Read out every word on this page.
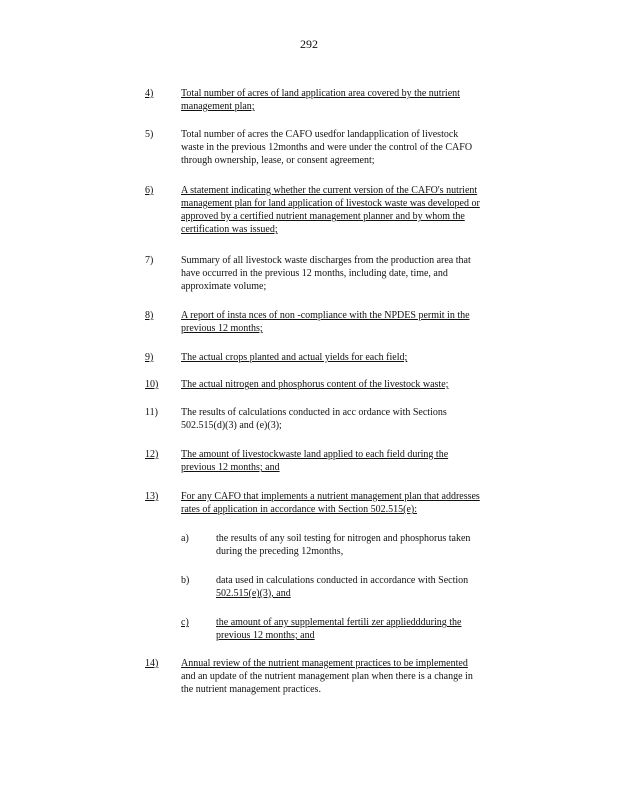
292
4)	Total number of acres of land application area covered by the nutrient
management plan;
5)	Total number of acres the CAFO usedfor landapplication of livestock
waste in the previous 12months and were under the control of the CAFO
through ownership, lease, or consent agreement;
6)	A statement indicating whether the current version of the CAFO's nutrient
management plan for land application of livestock waste was developed or
approved by a certified nutrient management planner and by whom the
certification was issued;
7)	Summary of all livestock waste discharges from the production area that
have occurred in the previous 12 months, including date, time, and
approximate volume;
8)	A report of insta nces of non -compliance with the NPDES permit in the
previous 12 months;
9)	The actual crops planted and actual yields for each field;
10) The actual nitrogen and phosphorus content of the livestock waste;
11) The results of calculations conducted in acc ordance with Sections
502.515(d)(3) and (e)(3);
12) The amount of livestockwaste land applied to each field during the
previous 12 months; and
13) For any CAFO that implements a nutrient management plan that addresses
rates of application in accordance with Section 502.515(e):
a)	the results of any soil testing for nitrogen and phosphorus taken
during the preceding 12months,
b)	data used in calculations conducted in accordance with Section
502.515(e)(3), and
c)	the amount of any supplemental fertili zer applieddduring the
previous 12 months; and
14) Annual review of the nutrient management practices to be implemented
and an update of the nutrient management plan when there is a change in
the nutrient management practices.
